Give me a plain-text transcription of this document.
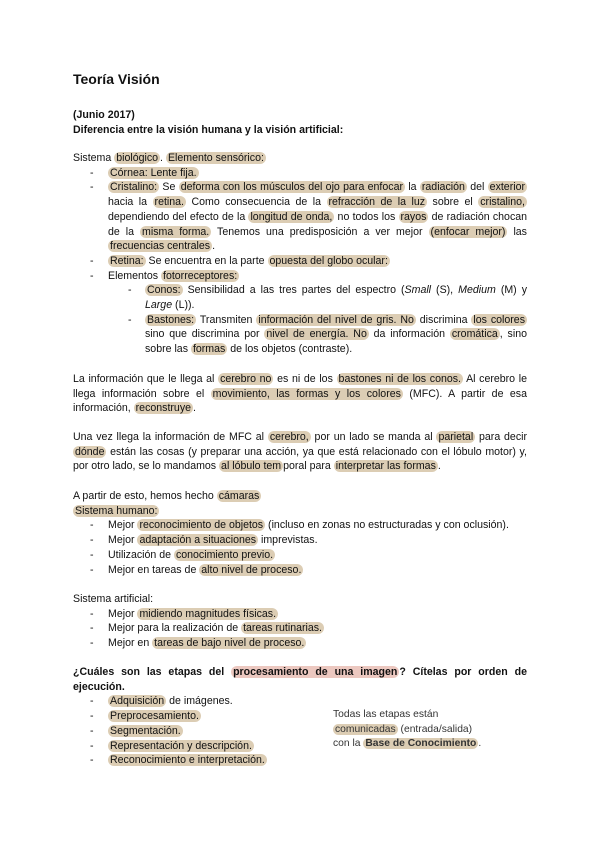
Teoría Visión
(Junio 2017)
Diferencia entre la visión humana y la visión artificial:
Sistema biológico . Elemento sensórico:
- Córnea: Lente fija.
- Cristalino: Se deforma con los músculos del ojo para enfocar la radiación del exterior hacia la retina. Como consecuencia de la refracción de la luz sobre el cristalino, dependiendo del efecto de la longitud de onda, no todos los rayos de radiación chocan de la misma forma. Tenemos una predisposición a ver mejor (enfocar mejor) las frecuencias centrales .
- Retina: Se encuentra en la parte opuesta del globo ocular:
- Elementos fotorreceptores:
- Conos: Sensibilidad a las tres partes del espectro (Small (S), Medium (M) y Large (L)).
- Bastones: Transmiten información del nivel de gris. No discrimina los colores sino que discrimina por nivel de energía. No da información cromática , sino sobre las formas de los objetos (contraste).
La información que le llega al cerebro no es ni de los bastones ni de los conos. Al cerebro le llega información sobre el movimiento, las formas y los colores (MFC). A partir de esa información, reconstruye .
Una vez llega la información de MFC al cerebro, por un lado se manda al parietal para decir dónde están las cosas (y preparar una acción, ya que está relacionado con el lóbulo motor) y, por otro lado, se lo mandamos al lóbulo tem poral para interpretar las formas .
A partir de esto, hemos hecho cámaras
Sistema humano:
- Mejor reconocimiento de objetos (incluso en zonas no estructuradas y con oclusión).
- Mejor adaptación a situaciones imprevistas.
- Utilización de conocimiento previo.
- Mejor en tareas de alto nivel de proceso.
Sistema artificial:
- Mejor midiendo magnitudes físicas.
- Mejor para la realización de tareas rutinarias.
- Mejor en tareas de bajo nivel de proceso.
¿Cuáles son las etapas del procesamiento de una imagen ? Cítelas por orden de ejecución.
- Adquisición de imágenes.
- Preprocesamiento.
- Segmentación.
- Representación y descripción.
- Reconocimiento e interpretación.
Todas las etapas están
comunicadas (entrada/salida)
con la Base de Conocimiento .
